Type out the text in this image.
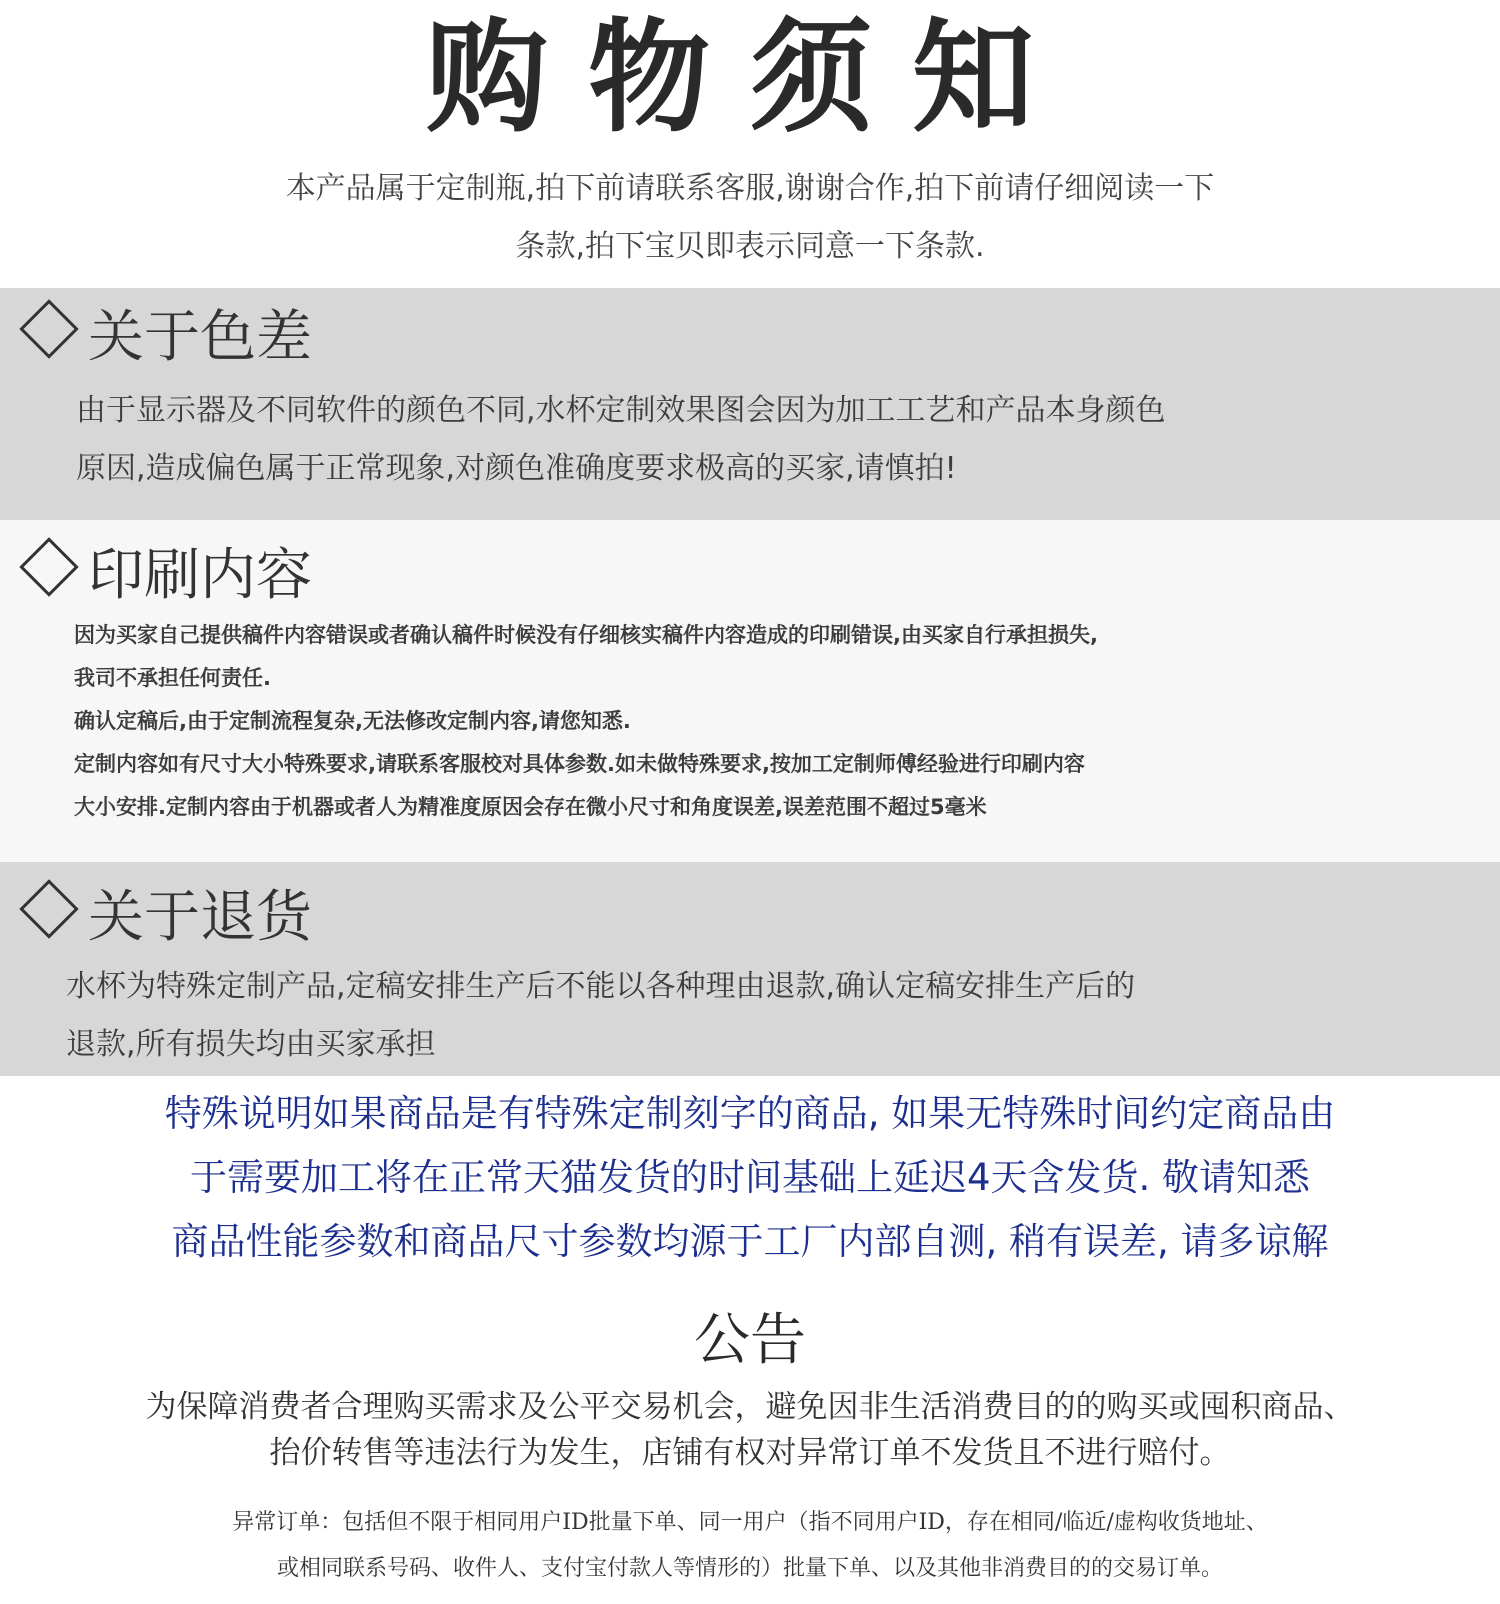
购物须知

本产品属于定制瓶,拍下前请联系客服,谢谢合作,拍下前请仔细阅读一下

条款,拍下宝贝即表示同意一下条款.

关于色差

由于显示器及不同软件的颜色不同,水杯定制效果图会因为加工工艺和产品本身颜色

原因,造成偏色属于正常现象,对颜色准确度要求极高的买家,请慎拍!

印刷内容

因为买家自己提供稿件内容错误或者确认稿件时候没有仔细核实稿件内容造成的印刷错误,由买家自行承担损失,

我司不承担任何责任.

确认定稿后,由于定制流程复杂,无法修改定制内容,请您知悉.

定制内容如有尺寸大小特殊要求,请联系客服校对具体参数.如未做特殊要求,按加工定制师傅经验进行印刷内容

大小安排.定制内容由于机器或者人为精准度原因会存在微小尺寸和角度误差,误差范围不超过5毫米

关于退货

水杯为特殊定制产品,定稿安排生产后不能以各种理由退款,确认定稿安排生产后的

退款,所有损失均由买家承担

特殊说明如果商品是有特殊定制刻字的商品, 如果无特殊时间约定商品由

于需要加工将在正常天猫发货的时间基础上延迟4天含发货. 敬请知悉

商品性能参数和商品尺寸参数均源于工厂内部自测, 稍有误差, 请多谅解

公告

为保障消费者合理购买需求及公平交易机会，避免因非生活消费目的的购买或囤积商品、

抬价转售等违法行为发生，店铺有权对异常订单不发货且不进行赔付。

异常订单：包括但不限于相同用户ID批量下单、同一用户（指不同用户ID，存在相同/临近/虚构收货地址、

或相同联系号码、收件人、支付宝付款人等情形的）批量下单、以及其他非消费目的的交易订单。
